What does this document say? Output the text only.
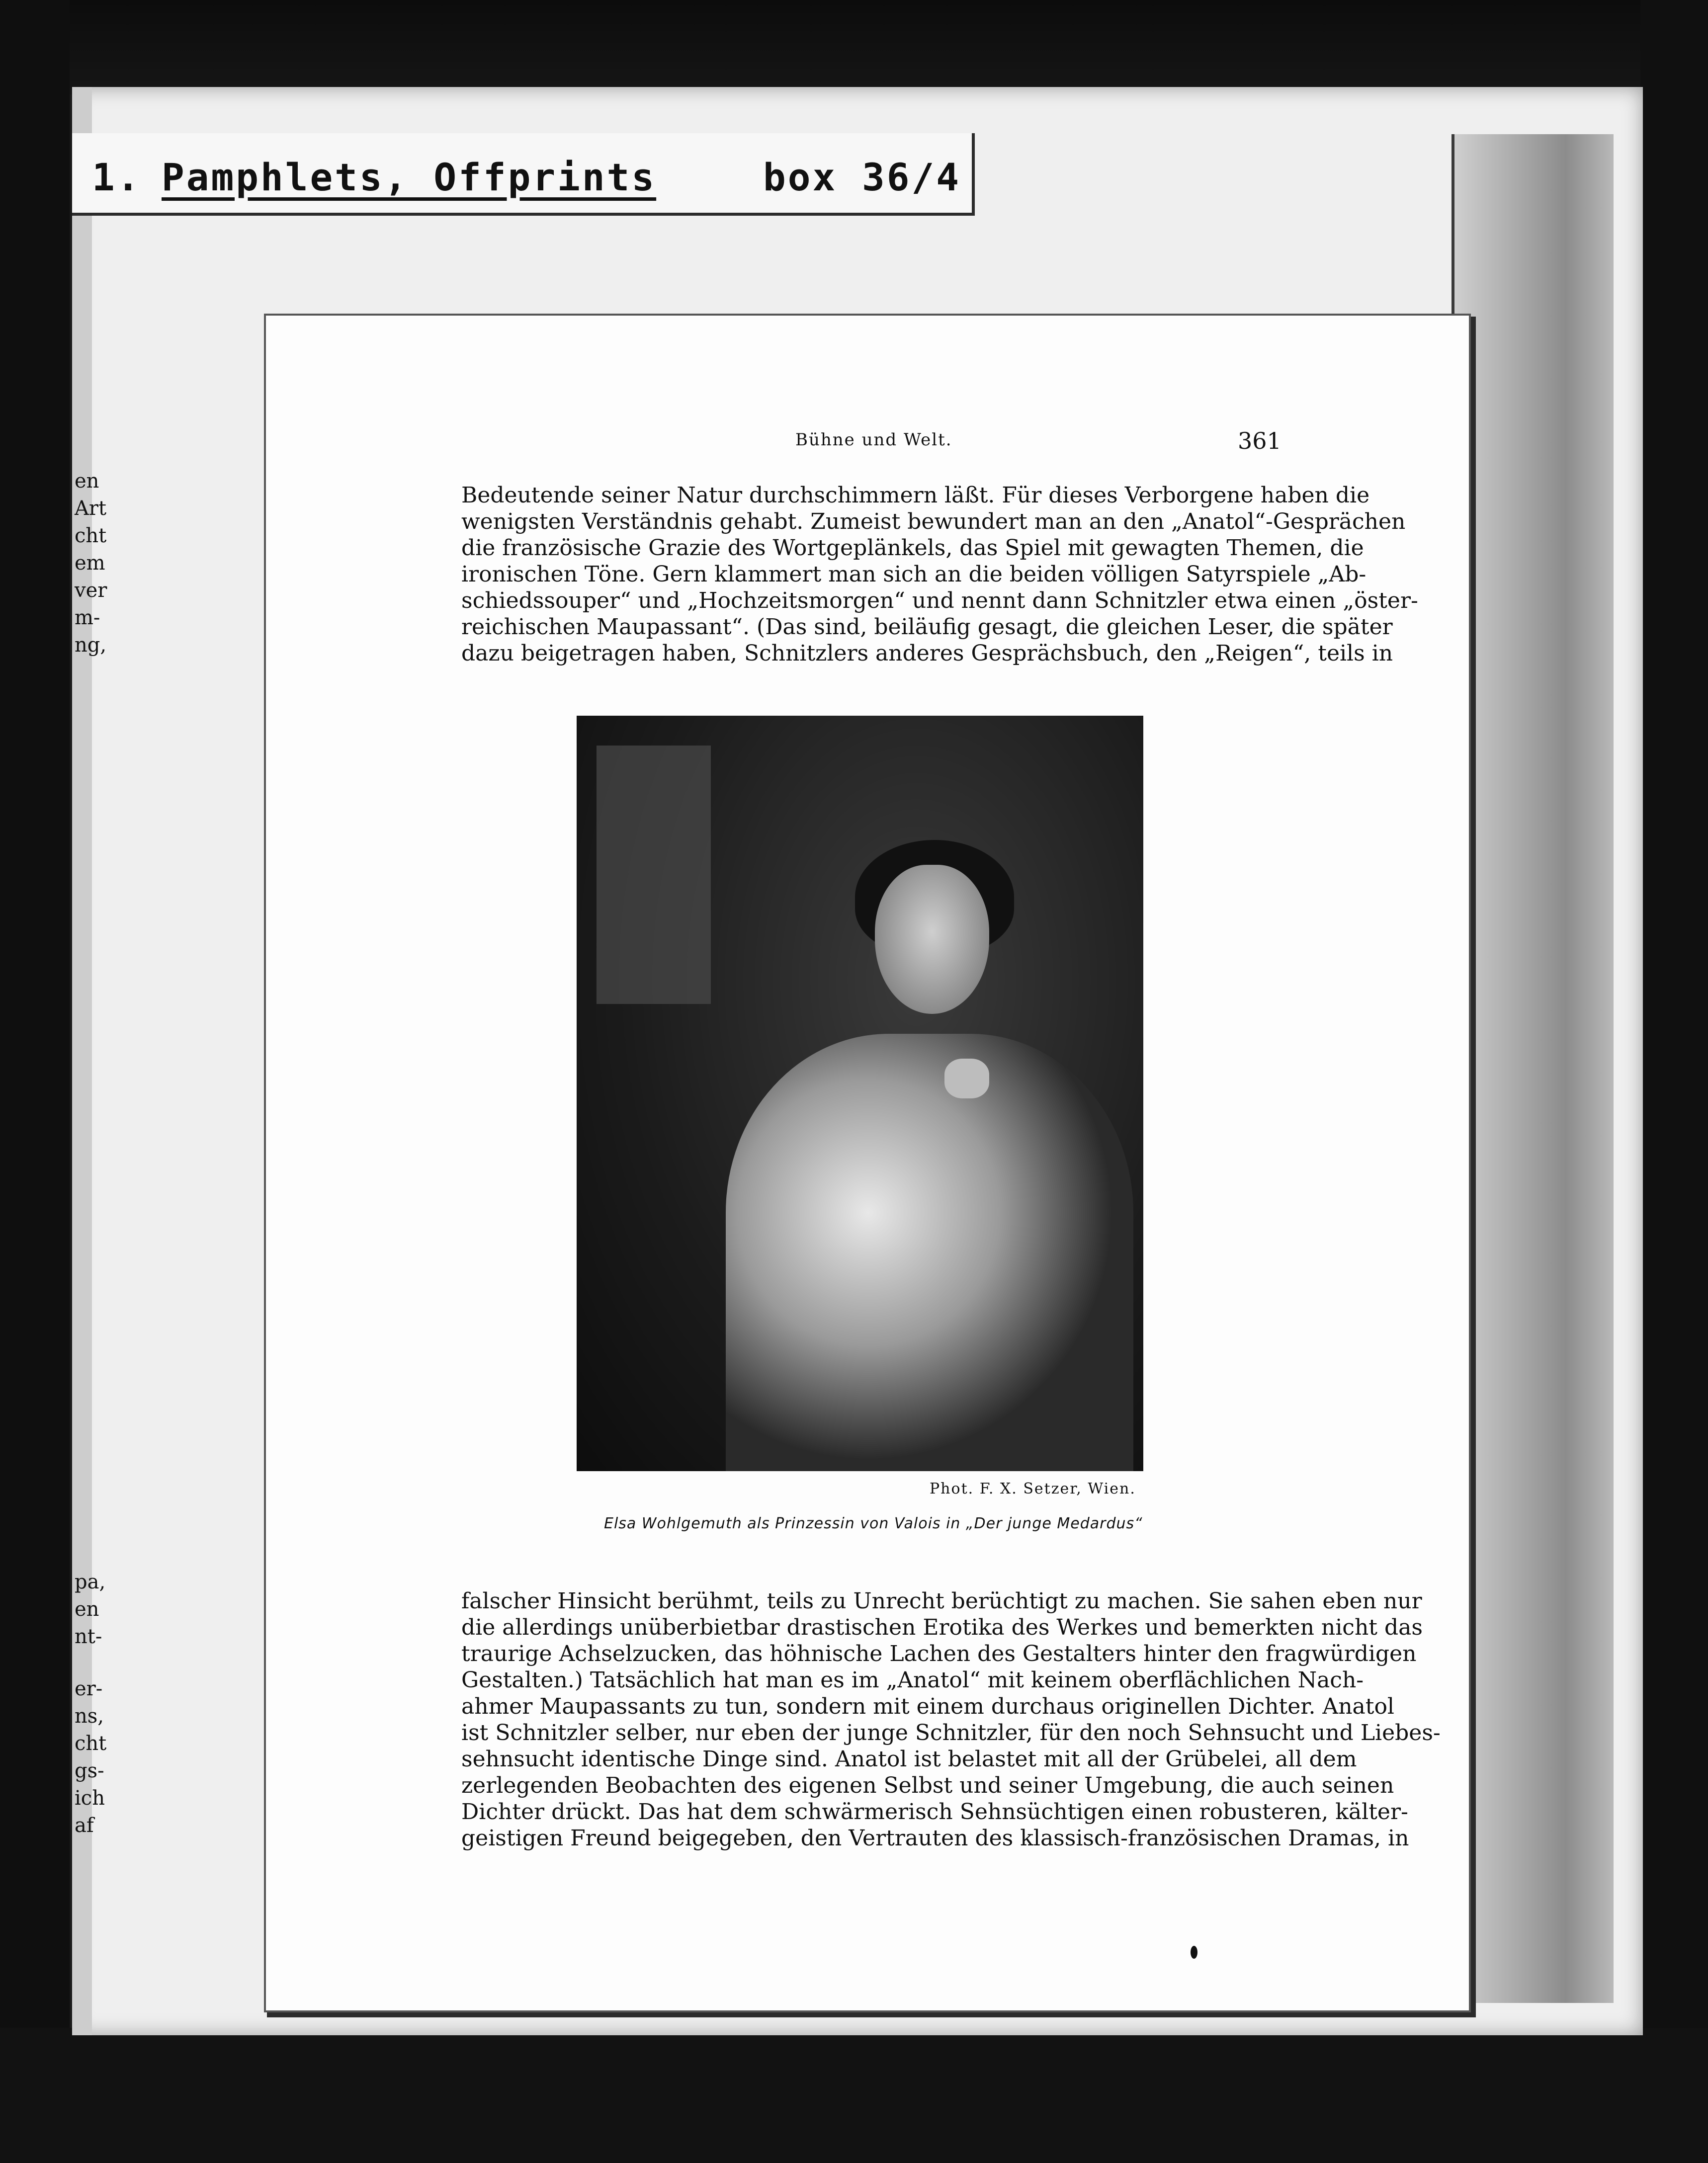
1.

Pamphlets, Offprints

	box 36/4

en
Art
cht
em
ver
m-
ng,
pa,
en
nt-
er-
ns,
cht
gs-
ich
af
Bühne und Welt.	361
Bedeutende seiner Natur durchschimmern läßt. Für dieses Verborgene haben die
wenigsten Verständnis gehabt. Zumeist bewundert man an den „Anatol“-Gesprächen
die französische Grazie des Wortgeplänkels, das Spiel mit gewagten Themen, die
ironischen Töne. Gern klammert man sich an die beiden völligen Satyrspiele „Ab-
schiedssouper“ und „Hochzeitsmorgen“ und nennt dann Schnitzler etwa einen „öster-
reichischen Maupassant“. (Das sind, beiläufig gesagt, die gleichen Leser, die später
dazu beigetragen haben, Schnitzlers anderes Gesprächsbuch, den „Reigen“, teils in
Phot. F. X. Setzer, Wien.
Elsa Wohlgemuth als Prinzessin von Valois in „Der junge Medardus“
falscher Hinsicht berühmt, teils zu Unrecht berüchtigt zu machen. Sie sahen eben nur
die allerdings unüberbietbar drastischen Erotika des Werkes und bemerkten nicht das
traurige Achselzucken, das höhnische Lachen des Gestalters hinter den fragwürdigen
Gestalten.) Tatsächlich hat man es im „Anatol“ mit keinem oberflächlichen Nach-
ahmer Maupassants zu tun, sondern mit einem durchaus originellen Dichter. Anatol
ist Schnitzler selber, nur eben der junge Schnitzler, für den noch Sehnsucht und Liebes-
sehnsucht identische Dinge sind. Anatol ist belastet mit all der Grübelei, all dem
zerlegenden Beobachten des eigenen Selbst und seiner Umgebung, die auch seinen
Dichter drückt. Das hat dem schwärmerisch Sehnsüchtigen einen robusteren, kälter-
geistigen Freund beigegeben, den Vertrauten des klassisch-französischen Dramas, in
